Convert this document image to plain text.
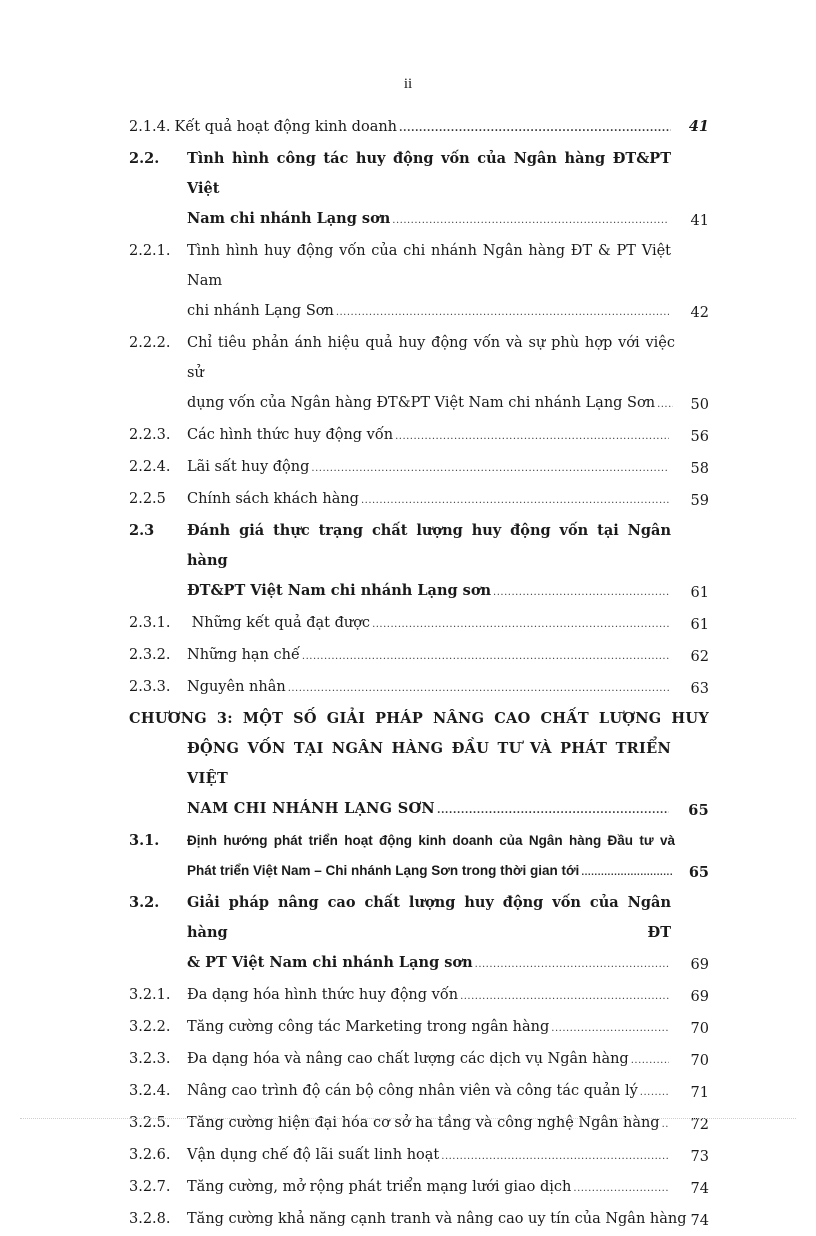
ii
2.1.4. Kết quả hoạt động kinh doanh .....	41
2.2. Tình hình công tác huy động vốn của Ngân hàng ĐT&PT Việt
Nam chi nhánh Lạng sơn .....	41
2.2.1. Tình hình huy động vốn của chi nhánh Ngân hàng ĐT & PT Việt Nam
chi nhánh Lạng Sơn .....	42
2.2.2. Chỉ tiêu phản ánh hiệu quả huy động vốn và sự phù hợp với việc sử
dụng vốn của Ngân hàng ĐT&PT Việt Nam chi nhánh Lạng Sơn ..... 50
2.2.3. Các hình thức huy động vốn .....	56
2.2.4. Lãi sất huy động .....	58
2.2.5 Chính sách khách hàng .....	59
2.3 Đánh giá thực trạng chất lượng huy động vốn tại Ngân hàng
ĐT&PT Việt Nam chi nhánh Lạng sơn .....	61
2.3.1. Những kết quả đạt được .....	61
2.3.2. Những hạn chế .....	62
2.3.3. Nguyên nhân .....	63
CHƯƠNG 3: MỘT SỐ GIẢI PHÁP NÂNG CAO CHẤT LƯỢNG HUY
ĐỘNG VỐN TẠI NGÂN HÀNG ĐẦU TƯ VÀ PHÁT TRIỂN VIỆT
NAM CHI NHÁNH LẠNG SƠN .....	65
3.1. Định hướng phát triển hoạt động kinh doanh của Ngân hàng Đầu tư và
Phát triển Việt Nam – Chi nhánh Lạng Sơn trong thời gian tới .....	65
3.2. Giải pháp nâng cao chất lượng huy động vốn của Ngân hàng ĐT
& PT Việt Nam chi nhánh Lạng sơn .....	69
3.2.1. Đa dạng hóa hình thức huy động vốn .....	69
3.2.2. Tăng cường công tác Marketing trong ngân hàng .....	70
3.2.3. Đa dạng hóa và nâng cao chất lượng các dịch vụ Ngân hàng .....	70
3.2.4. Nâng cao trình độ cán bộ công nhân viên và công tác quản lý .....	71
3.2.5. Tăng cường hiện đại hóa cơ sở ha tầng và công nghệ Ngân hàng ..... 72
3.2.6. Vận dụng chế độ lãi suất linh hoạt .....	73
3.2.7. Tăng cường, mở rộng phát triển mạng lưới giao dịch .....	74
3.2.8. Tăng cường khả năng cạnh tranh và nâng cao uy tín của Ngân hàng 74
